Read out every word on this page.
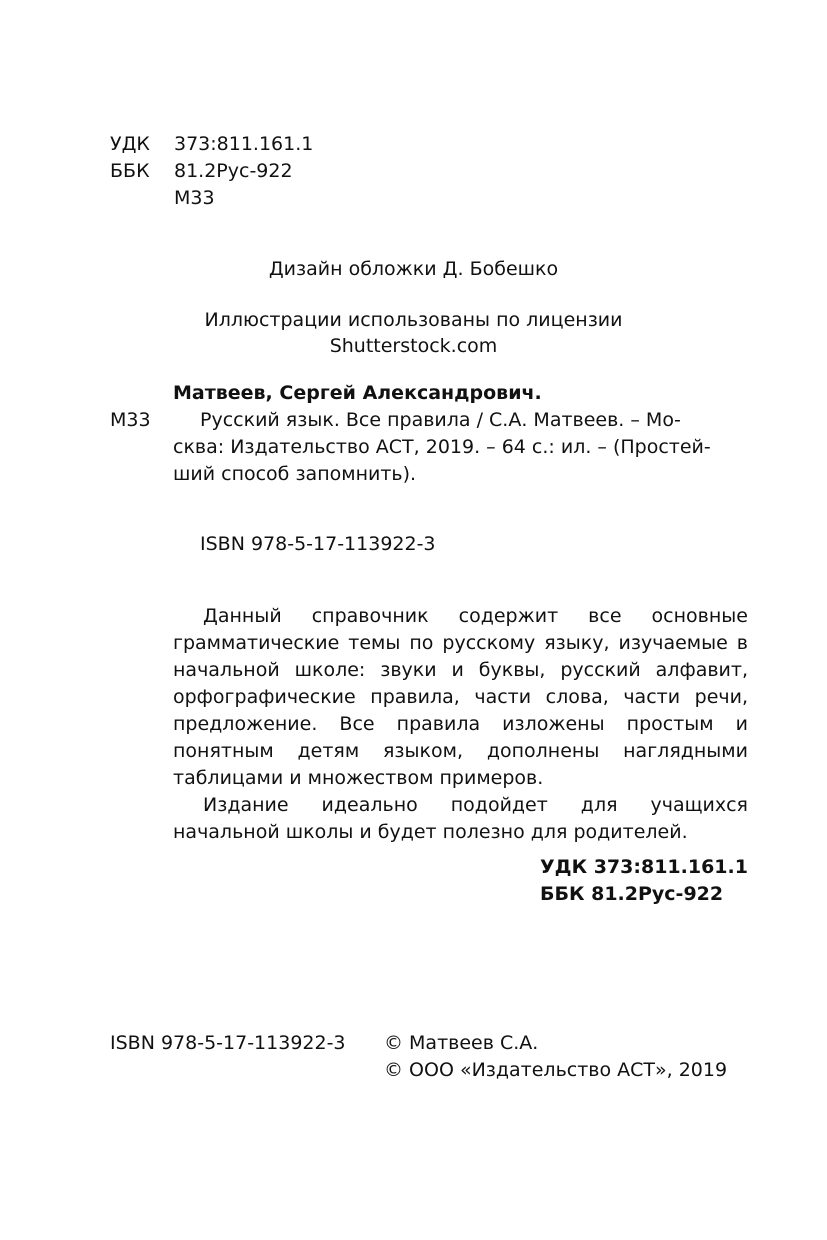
УДК 373:811.161.1
ББК 81.2Рус-922
М33
Дизайн обложки Д. Бобешко
Иллюстрации использованы по лицензии
Shutterstock.com
Матвеев, Сергей Александрович.
М33	Русский язык. Все правила / С.А. Матвеев. – Мо-
сква: Издательство АСТ, 2019. – 64 с.: ил. – (Простей-
ший способ запомнить).
ISBN 978-5-17-113922-3

Данный справочник содержит все основные грамматические темы по русскому языку, изучаемые в начальной школе: звуки и буквы, русский алфавит, орфографические правила, части слова, части речи, предложение. Все правила изложены простым и понятным детям языком, дополнены наглядными таблицами и множеством примеров.

Издание идеально подойдет для учащихся начальной школы и будет полезно для родителей.

УДК 373:811.161.1
ББК 81.2Рус-922
ISBN 978-5-17-113922-3 © Матвеев С.А.
© ООО «Издательство АСТ», 2019
